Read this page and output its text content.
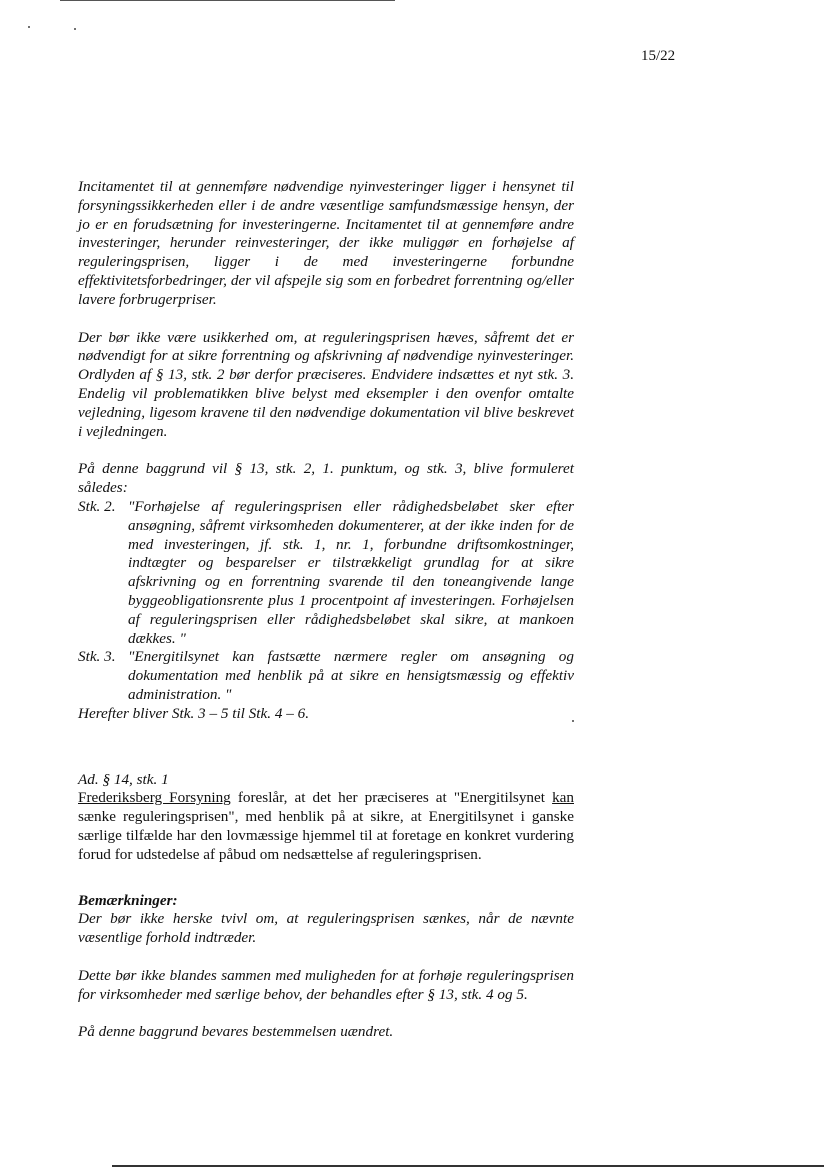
15/22

Incitamentet til at gennemføre nødvendige nyinvesteringer ligger i hensynet til forsyningssikkerheden eller i de andre væsentlige samfundsmæssige hensyn, der jo er en forudsætning for investeringerne. Incitamentet til at gennemføre andre investeringer, herunder reinvesteringer, der ikke muliggør en forhøjelse af reguleringsprisen, ligger i de med investeringerne forbundne effektivitetsforbedringer, der vil afspejle sig som en forbedret forrentning og/eller lavere forbrugerpriser.

Der bør ikke være usikkerhed om, at reguleringsprisen hæves, såfremt det er nødvendigt for at sikre forrentning og afskrivning af nødvendige nyinvesteringer. Ordlyden af § 13, stk. 2 bør derfor præciseres. Endvidere indsættes et nyt stk. 3. Endelig vil problematikken blive belyst med eksempler i den ovenfor omtalte vejledning, ligesom kravene til den nødvendige dokumentation vil blive beskrevet i vejledningen.

På denne baggrund vil § 13, stk. 2, 1. punktum, og stk. 3, blive formuleret således:

Stk. 2. "Forhøjelse af reguleringsprisen eller rådighedsbeløbet sker efter ansøgning, såfremt virksomheden dokumenterer, at der ikke inden for de med investeringen, jf. stk. 1, nr. 1, forbundne driftsomkostninger, indtægter og besparelser er tilstrækkeligt grundlag for at sikre afskrivning og en forrentning svarende til den toneangivende lange byggeobligationsrente plus 1 procentpoint af investeringen. Forhøjelsen af reguleringsprisen eller rådighedsbeløbet skal sikre, at mankoen dækkes. "
Stk. 3. "Energitilsynet kan fastsætte nærmere regler om ansøgning og dokumentation med henblik på at sikre en hensigtsmæssig og effektiv administration. "

Herefter bliver Stk. 3 – 5 til Stk. 4 – 6.

Ad. § 14, stk. 1

Frederiksberg Forsyning foreslår, at det her præciseres at "Energitilsynet kan sænke reguleringsprisen", med henblik på at sikre, at Energitilsynet i ganske særlige tilfælde har den lovmæssige hjemmel til at foretage en konkret vurdering forud for udstedelse af påbud om nedsættelse af reguleringsprisen.

Bemærkninger:

Der bør ikke herske tvivl om, at reguleringsprisen sænkes, når de nævnte væsentlige forhold indtræder.

Dette bør ikke blandes sammen med muligheden for at forhøje reguleringsprisen for virksomheder med særlige behov, der behandles efter § 13, stk. 4 og 5.

På denne baggrund bevares bestemmelsen uændret.
